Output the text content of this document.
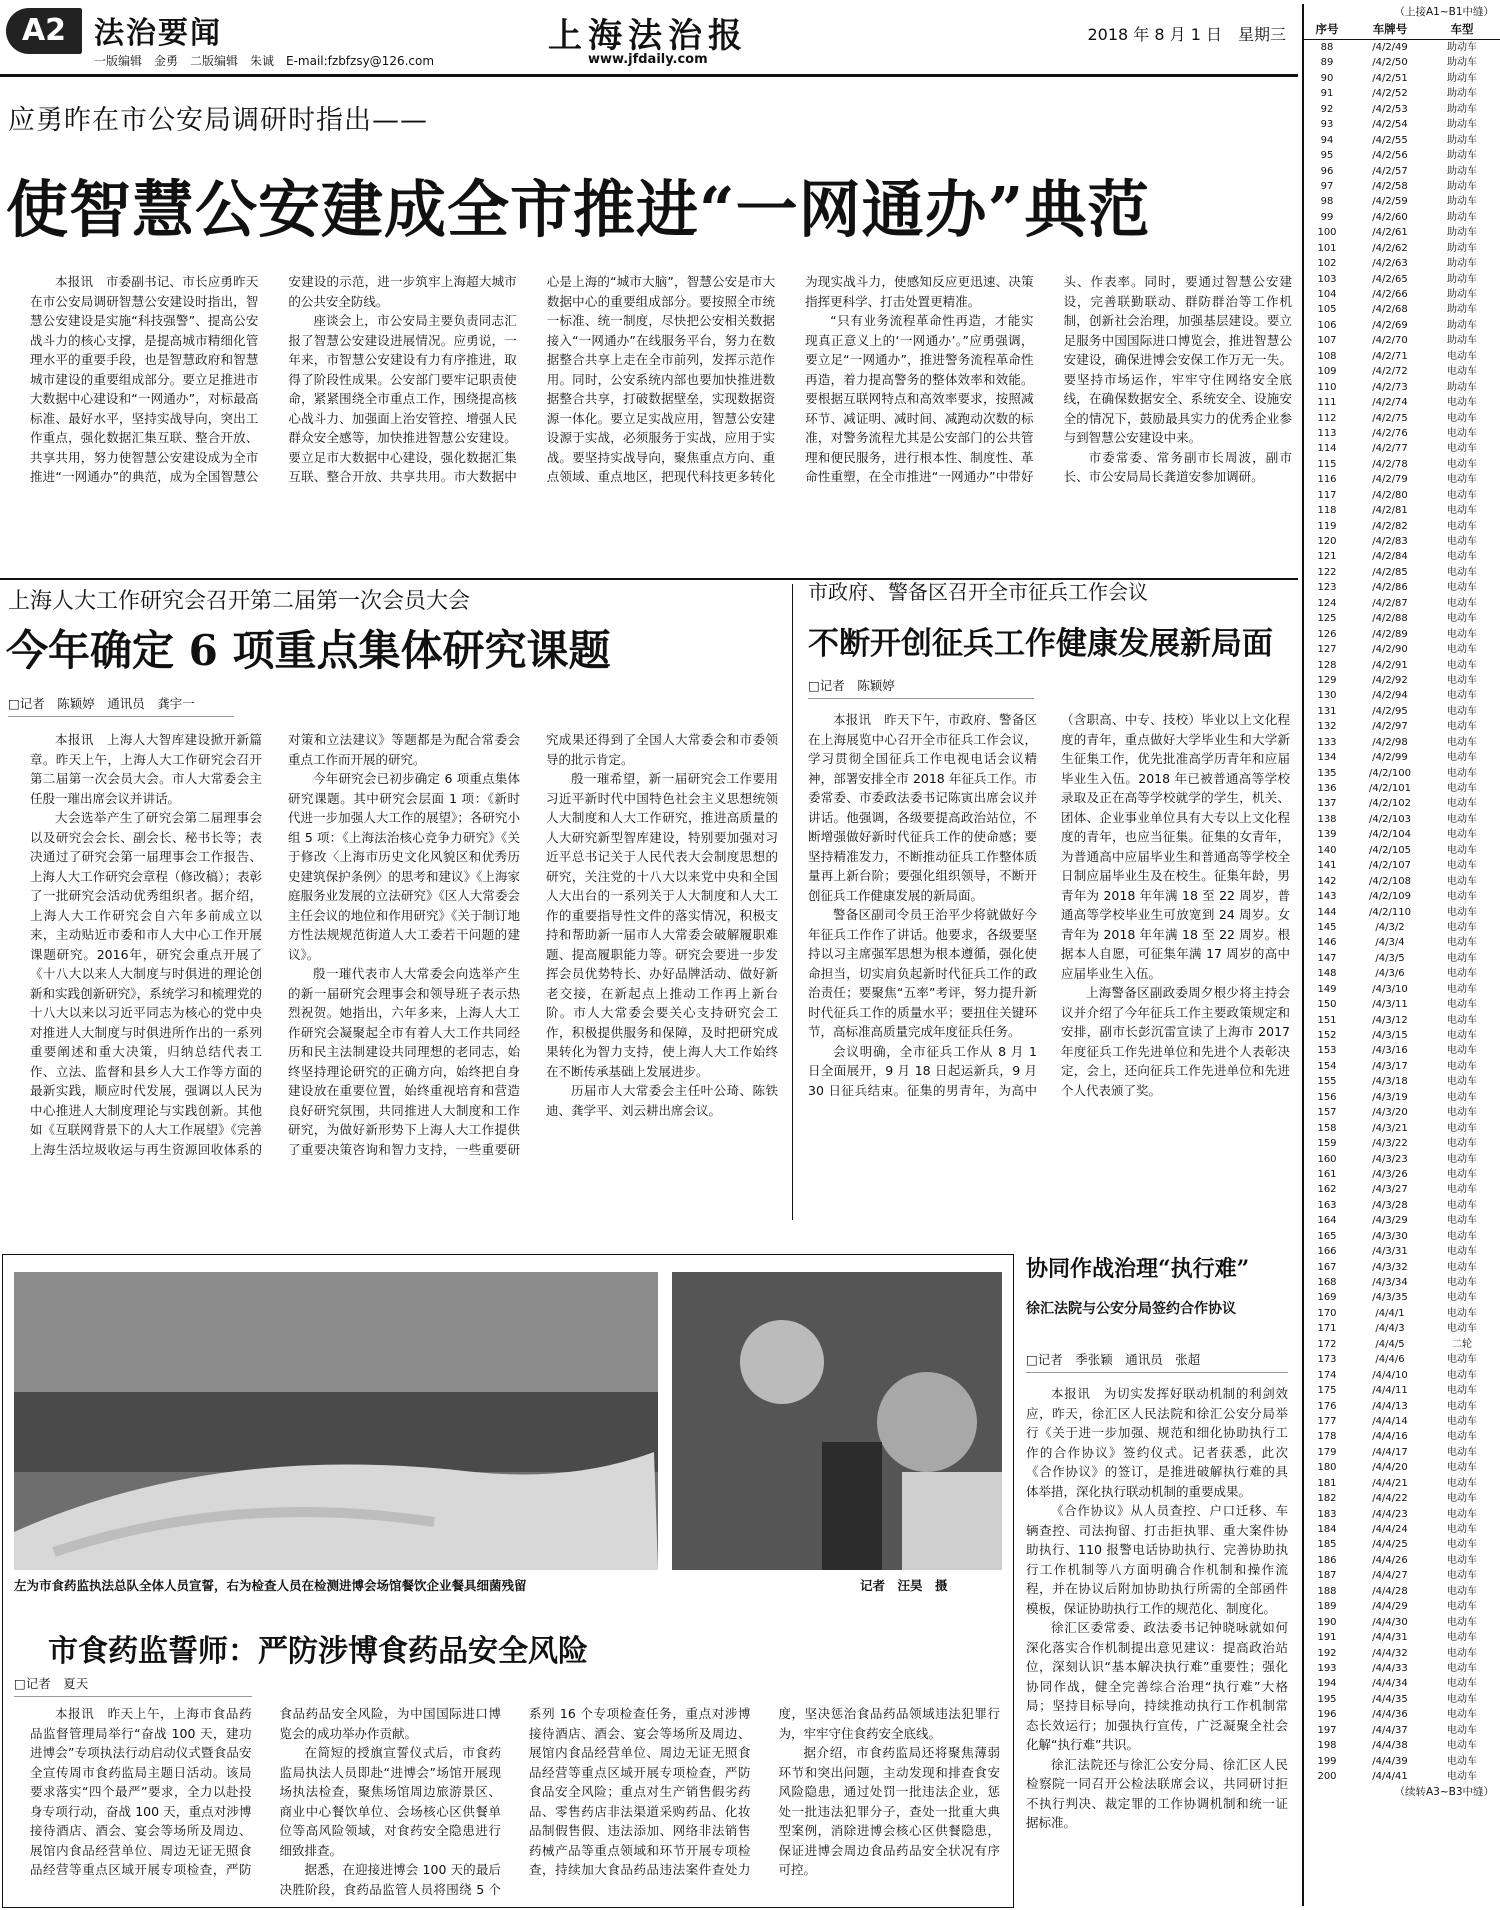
A2 法治要闻
一版编辑　金勇　二版编辑　朱诚　E-mail:fzbfzsy@126.com
上海法治报
www.jfdaily.com
2018 年 8 月 1 日　星期三
应勇昨在市公安局调研时指出——
使智慧公安建成全市推进“一网通办”典范

本报讯　市委副书记、市长应勇昨天在市公安局调研智慧公安建设时指出，智慧公安建设是实施“科技强警”、提高公安战斗力的核心支撑，是提高城市精细化管理水平的重要手段，也是智慧政府和智慧城市建设的重要组成部分。要立足推进市大数据中心建设和“一网通办”，对标最高标准、最好水平，坚持实战导向，突出工作重点，强化数据汇集互联、整合开放、共享共用，努力使智慧公安建设成为全市推进“一网通办”的典范，成为全国智慧公安建设的示范，进一步筑牢上海超大城市的公共安全防线。

座谈会上，市公安局主要负责同志汇报了智慧公安建设进展情况。应勇说，一年来，市智慧公安建设有力有序推进，取得了阶段性成果。公安部门要牢记职责使命，紧紧围绕全市重点工作，围绕提高核心战斗力、加强面上治安管控、增强人民群众安全感等，加快推进智慧公安建设。要立足市大数据中心建设，强化数据汇集互联、整合开放、共享共用。市大数据中心是上海的“城市大脑”，智慧公安是市大数据中心的重要组成部分。要按照全市统一标准、统一制度，尽快把公安相关数据接入“一网通办”在线服务平台，努力在数据整合共享上走在全市前列，发挥示范作用。同时，公安系统内部也要加快推进数据整合共享，打破数据壁垒，实现数据资源一体化。要立足实战应用，智慧公安建设源于实战，必须服务于实战，应用于实战。要坚持实战导向，聚焦重点方向、重点领域、重点地区，把现代科技更多转化为现实战斗力，使感知反应更迅速、决策指挥更科学、打击处置更精准。

“只有业务流程革命性再造，才能实现真正意义上的‘一网通办’。”应勇强调，要立足“一网通办”，推进警务流程革命性再造，着力提高警务的整体效率和效能。要根据互联网特点和高效率要求，按照减环节、减证明、减时间、减跑动次数的标准，对警务流程尤其是公安部门的公共管理和便民服务，进行根本性、制度性、革命性重塑，在全市推进“一网通办”中带好头、作表率。同时，要通过智慧公安建设，完善联勤联动、群防群治等工作机制，创新社会治理，加强基层建设。要立足服务中国国际进口博览会，推进智慧公安建设，确保进博会安保工作万无一失。要坚持市场运作，牢牢守住网络安全底线，在确保数据安全、系统安全、设施安全的情况下，鼓励最具实力的优秀企业参与到智慧公安建设中来。

市委常委、常务副市长周波，副市长、市公安局局长龚道安参加调研。

上海人大工作研究会召开第二届第一次会员大会
今年确定 6 项重点集体研究课题
□记者　陈颖婷　通讯员　龚宇一

本报讯　上海人大智库建设掀开新篇章。昨天上午，上海人大工作研究会召开第二届第一次会员大会。市人大常委会主任殷一璀出席会议并讲话。

大会选举产生了研究会第二届理事会以及研究会会长、副会长、秘书长等；表决通过了研究会第一届理事会工作报告、上海人大工作研究会章程（修改稿）；表彰了一批研究会活动优秀组织者。据介绍，上海人大工作研究会自六年多前成立以来，主动贴近市委和市人大中心工作开展课题研究。2016年，研究会重点开展了《十八大以来人大制度与时俱进的理论创新和实践创新研究》，系统学习和梳理党的十八大以来以习近平同志为核心的党中央对推进人大制度与时俱进所作出的一系列重要阐述和重大决策，归纳总结代表工作、立法、监督和县乡人大工作等方面的最新实践，顺应时代发展，强调以人民为中心推进人大制度理论与实践创新。其他如《互联网背景下的人大工作展望》《完善上海生活垃圾收运与再生资源回收体系的对策和立法建议》等题都是为配合常委会重点工作而开展的研究。

今年研究会已初步确定 6 项重点集体研究课题。其中研究会层面 1 项：《新时代进一步加强人大工作的展望》；各研究小组 5 项：《上海法治核心竞争力研究》《关于修改〈上海市历史文化风貌区和优秀历史建筑保护条例〉的思考和建议》《上海家庭服务业发展的立法研究》《区人大常委会主任会议的地位和作用研究》《关于制订地方性法规规范街道人大工委若干问题的建议》。

殷一璀代表市人大常委会向选举产生的新一届研究会理事会和领导班子表示热烈祝贺。她指出，六年多来，上海人大工作研究会凝聚起全市有着人大工作共同经历和民主法制建设共同理想的老同志，始终坚持理论研究的正确方向，始终把自身建设放在重要位置，始终重视培育和营造良好研究氛围，共同推进人大制度和工作研究，为做好新形势下上海人大工作提供了重要决策咨询和智力支持，一些重要研究成果还得到了全国人大常委会和市委领导的批示肯定。

殷一璀希望，新一届研究会工作要用习近平新时代中国特色社会主义思想统领人大制度和人大工作研究，推进高质量的人大研究新型智库建设，特别要加强对习近平总书记关于人民代表大会制度思想的研究，关注党的十八大以来党中央和全国人大出台的一系列关于人大制度和人大工作的重要指导性文件的落实情况，积极支持和帮助新一届市人大常委会破解履职难题、提高履职能力等。研究会要进一步发挥会员优势特长、办好品牌活动、做好新老交接，在新起点上推动工作再上新台阶。市人大常委会要关心支持研究会工作，积极提供服务和保障，及时把研究成果转化为智力支持，使上海人大工作始终在不断传承基础上发展进步。

历届市人大常委会主任叶公琦、陈铁迪、龚学平、刘云耕出席会议。

市政府、警备区召开全市征兵工作会议
不断开创征兵工作健康发展新局面
□记者　陈颖婷

本报讯　昨天下午，市政府、警备区在上海展览中心召开全市征兵工作会议，学习贯彻全国征兵工作电视电话会议精神，部署安排全市 2018 年征兵工作。市委常委、市委政法委书记陈寅出席会议并讲话。他强调，各级要提高政治站位，不断增强做好新时代征兵工作的使命感；要坚持精准发力，不断推动征兵工作整体质量再上新台阶；要强化组织领导，不断开创征兵工作健康发展的新局面。

警备区副司令员王治平少将就做好今年征兵工作作了讲话。他要求，各级要坚持以习主席强军思想为根本遵循，强化使命担当，切实肩负起新时代征兵工作的政治责任；要聚焦“五率”考评，努力提升新时代征兵工作的质量水平；要扭住关键环节，高标准高质量完成年度征兵任务。

会议明确，全市征兵工作从 8 月 1 日全面展开，9 月 18 日起运新兵，9 月 30 日征兵结束。征集的男青年，为高中（含职高、中专、技校）毕业以上文化程度的青年，重点做好大学毕业生和大学新生征集工作，优先批准高学历青年和应届毕业生入伍。2018 年已被普通高等学校录取及正在高等学校就学的学生，机关、团体、企业事业单位具有大专以上文化程度的青年，也应当征集。征集的女青年，为普通高中应届毕业生和普通高等学校全日制应届毕业生及在校生。征集年龄，男青年为 2018 年年满 18 至 22 周岁，普通高等学校毕业生可放宽到 24 周岁。女青年为 2018 年年满 18 至 22 周岁。根据本人自愿，可征集年满 17 周岁的高中应届毕业生入伍。

上海警备区副政委周夕根少将主持会议并介绍了今年征兵工作主要政策规定和安排，副市长彭沉雷宣读了上海市 2017 年度征兵工作先进单位和先进个人表彰决定，会上，还向征兵工作先进单位和先进个人代表颁了奖。

左为市食药监执法总队全体人员宣誓，右为检查人员在检测进博会场馆餐饮企业餐具细菌残留	记者　汪昊　摄
市食药监誓师：严防涉博食药品安全风险
□记者　夏天

本报讯　昨天上午，上海市食品药品监督管理局举行“奋战 100 天，建功进博会”专项执法行动启动仪式暨食品安全宣传周市食药监局主题日活动。该局要求落实“四个最严”要求，全力以赴投身专项行动，奋战 100 天，重点对涉博接待酒店、酒会、宴会等场所及周边、展馆内食品经营单位、周边无证无照食品经营等重点区域开展专项检查，严防食品药品安全风险，为中国国际进口博览会的成功举办作贡献。

在简短的授旗宣誓仪式后，市食药监局执法人员即赴“进博会”场馆开展现场执法检查，聚焦场馆周边旅游景区、商业中心餐饮单位、会场核心区供餐单位等高风险领域，对食药安全隐患进行细致排查。

据悉，在迎接进博会 100 天的最后决胜阶段，食药品监管人员将围绕 5 个系列 16 个专项检查任务，重点对涉博接待酒店、酒会、宴会等场所及周边、展馆内食品经营单位、周边无证无照食品经营等重点区域开展专项检查，严防食品安全风险；重点对生产销售假劣药品、零售药店非法渠道采购药品、化妆品制假售假、违法添加、网络非法销售药械产品等重点领域和环节开展专项检查，持续加大食品药品违法案件查处力度，坚决惩治食品药品领域违法犯罪行为，牢牢守住食药安全底线。

据介绍，市食药监局还将聚焦薄弱环节和突出问题，主动发现和排查食安风险隐患，通过处罚一批违法企业，惩处一批违法犯罪分子，查处一批重大典型案例，消除进博会核心区供餐隐患，保证进博会周边食品药品安全状况有序可控。

协同作战治理“执行难”
徐汇法院与公安分局签约合作协议
□记者　季张颖　通讯员　张超

本报讯　为切实发挥好联动机制的利剑效应，昨天，徐汇区人民法院和徐汇公安分局举行《关于进一步加强、规范和细化协助执行工作的合作协议》签约仪式。记者获悉，此次《合作协议》的签订，是推进破解执行难的具体举措，深化执行联动机制的重要成果。

《合作协议》从人员查控、户口迁移、车辆查控、司法拘留、打击拒执罪、重大案件协助执行、110 报警电话协助执行、完善协助执行工作机制等八方面明确合作机制和操作流程，并在协议后附加协助执行所需的全部函件模板，保证协助执行工作的规范化、制度化。

徐汇区委常委、政法委书记钟晓咏就如何深化落实合作机制提出意见建议：提高政治站位，深刻认识“基本解决执行难”重要性；强化协同作战，健全完善综合治理“执行难”大格局；坚持目标导向，持续推动执行工作机制常态长效运行；加强执行宣传，广泛凝聚全社会化解“执行难”共识。

徐汇法院还与徐汇公安分局、徐汇区人民检察院一同召开公检法联席会议，共同研讨拒不执行判决、裁定罪的工作协调机制和统一证据标准。

（上接A1~B1中缝）
序号	车牌号	车型
88	/4/2/49	助动车
89	/4/2/50	助动车
90	/4/2/51	助动车
91	/4/2/52	助动车
92	/4/2/53	助动车
93	/4/2/54	助动车
94	/4/2/55	助动车
95	/4/2/56	助动车
96	/4/2/57	助动车
97	/4/2/58	助动车
98	/4/2/59	助动车
99	/4/2/60	助动车
100	/4/2/61	助动车
101	/4/2/62	助动车
102	/4/2/63	助动车
103	/4/2/65	助动车
104	/4/2/66	助动车
105	/4/2/68	助动车
106	/4/2/69	助动车
107	/4/2/70	助动车
108	/4/2/71	电动车
109	/4/2/72	电动车
110	/4/2/73	助动车
111	/4/2/74	电动车
112	/4/2/75	电动车
113	/4/2/76	电动车
114	/4/2/77	电动车
115	/4/2/78	电动车
116	/4/2/79	电动车
117	/4/2/80	电动车
118	/4/2/81	电动车
119	/4/2/82	电动车
120	/4/2/83	电动车
121	/4/2/84	电动车
122	/4/2/85	电动车
123	/4/2/86	电动车
124	/4/2/87	电动车
125	/4/2/88	电动车
126	/4/2/89	电动车
127	/4/2/90	电动车
128	/4/2/91	电动车
129	/4/2/92	电动车
130	/4/2/94	电动车
131	/4/2/95	电动车
132	/4/2/97	电动车
133	/4/2/98	电动车
134	/4/2/99	电动车
135	/4/2/100	电动车
136	/4/2/101	电动车
137	/4/2/102	电动车
138	/4/2/103	电动车
139	/4/2/104	电动车
140	/4/2/105	电动车
141	/4/2/107	电动车
142	/4/2/108	电动车
143	/4/2/109	电动车
144	/4/2/110	电动车
145	/4/3/2	电动车
146	/4/3/4	电动车
147	/4/3/5	电动车
148	/4/3/6	电动车
149	/4/3/10	电动车
150	/4/3/11	电动车
151	/4/3/12	电动车
152	/4/3/15	电动车
153	/4/3/16	电动车
154	/4/3/17	电动车
155	/4/3/18	电动车
156	/4/3/19	电动车
157	/4/3/20	电动车
158	/4/3/21	电动车
159	/4/3/22	电动车
160	/4/3/23	电动车
161	/4/3/26	电动车
162	/4/3/27	电动车
163	/4/3/28	电动车
164	/4/3/29	电动车
165	/4/3/30	电动车
166	/4/3/31	电动车
167	/4/3/32	电动车
168	/4/3/34	电动车
169	/4/3/35	电动车
170	/4/4/1	电动车
171	/4/4/3	电动车
172	/4/4/5	二轮
173	/4/4/6	电动车
174	/4/4/10	电动车
175	/4/4/11	电动车
176	/4/4/13	电动车
177	/4/4/14	电动车
178	/4/4/16	电动车
179	/4/4/17	电动车
180	/4/4/20	电动车
181	/4/4/21	电动车
182	/4/4/22	电动车
183	/4/4/23	电动车
184	/4/4/24	电动车
185	/4/4/25	电动车
186	/4/4/26	电动车
187	/4/4/27	电动车
188	/4/4/28	电动车
189	/4/4/29	电动车
190	/4/4/30	电动车
191	/4/4/31	电动车
192	/4/4/32	电动车
193	/4/4/33	电动车
194	/4/4/34	电动车
195	/4/4/35	电动车
196	/4/4/36	电动车
197	/4/4/37	电动车
198	/4/4/38	电动车
199	/4/4/39	电动车
200	/4/4/41	电动车
（续转A3~B3中缝）
